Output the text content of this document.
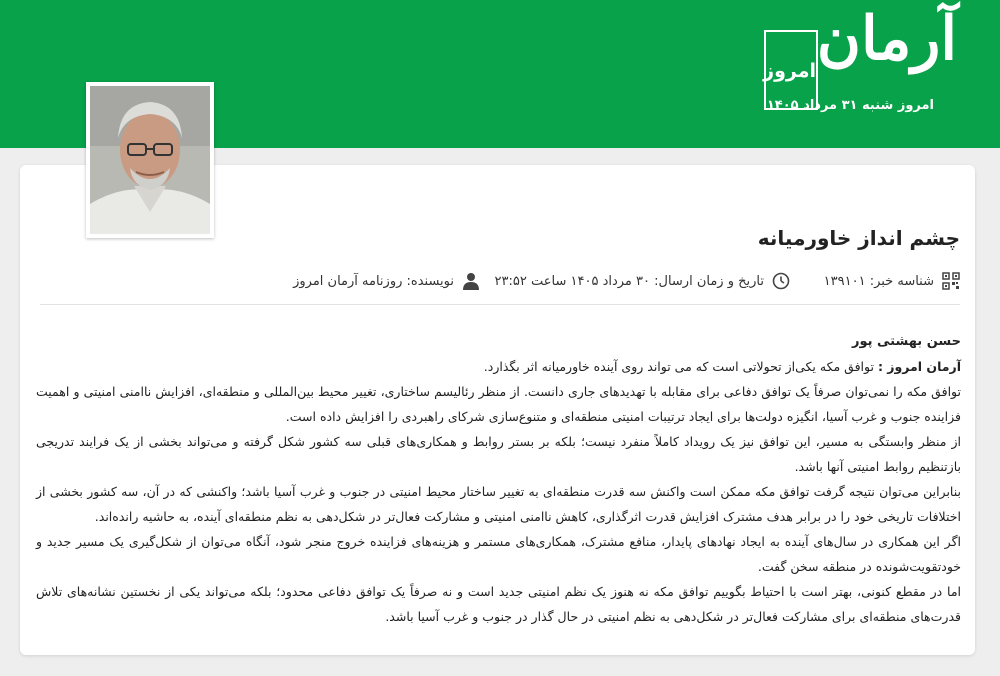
امروز آرمان
امروز شنبه ۳۱ مرداد ۱۴۰۵
چشم انداز خاورمیانه
شناسه خبر: ۱۳۹۱۰۱
تاریخ و زمان ارسال: ۳۰ مرداد ۱۴۰۵ ساعت ۲۳:۵۲
نویسنده: روزنامه آرمان امروز

حسن بهشتی پور

آرمان امروز : توافق مکه یکی‌از تحولاتی است که می تواند روی آینده خاورمیانه اثر بگذارد.

توافق مکه را نمی‌توان صرفاً یک توافق دفاعی برای مقابله با تهدیدهای جاری دانست. از منظر رئالیسم ساختاری، تغییر محیط بین‌المللی و منطقه‌ای، افزایش ناامنی امنیتی و اهمیت فزاینده جنوب و غرب آسیا، انگیزه دولت‌ها برای ایجاد ترتیبات امنیتی منطقه‌ای و متنوع‌سازی شرکای راهبردی را افزایش داده است.

از منظر وابستگی به مسیر، این توافق نیز یک رویداد کاملاً منفرد نیست؛ بلکه بر بستر روابط و همکاری‌های قبلی سه کشور شکل گرفته و می‌تواند بخشی از یک فرایند تدریجی بازتنظیم روابط امنیتی آنها باشد.

بنابراین می‌توان نتیجه گرفت توافق مکه ممکن است واکنش سه قدرت منطقه‌ای به تغییر ساختار محیط امنیتی در جنوب و غرب آسیا باشد؛ واکنشی که در آن، سه کشور بخشی از اختلافات تاریخی خود را در برابر هدف مشترک افزایش قدرت اثرگذاری، کاهش ناامنی امنیتی و مشارکت فعال‌تر در شکل‌دهی به نظم منطقه‌ای آینده، به حاشیه رانده‌اند.

اگر این همکاری در سال‌های آینده به ایجاد نهادهای پایدار، منافع مشترک، همکاری‌های مستمر و هزینه‌های فزاینده خروج منجر شود، آنگاه می‌توان از شکل‌گیری یک مسیر جدید و خودتقویت‌شونده در منطقه سخن گفت.

اما در مقطع کنونی، بهتر است با احتیاط بگوییم توافق مکه نه هنوز یک نظم امنیتی جدید است و نه صرفاً یک توافق دفاعی محدود؛ بلکه می‌تواند یکی از نخستین نشانه‌های تلاش قدرت‌های منطقه‌ای برای مشارکت فعال‌تر در شکل‌دهی به نظم امنیتی در حال گذار در جنوب و غرب آسیا باشد.
